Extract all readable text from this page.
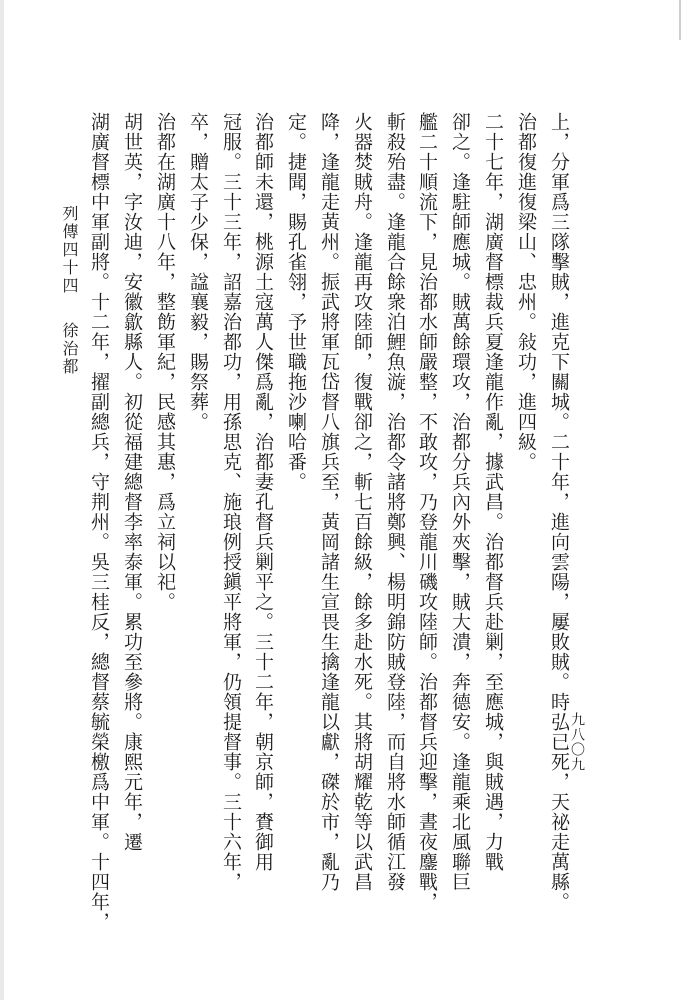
上，分軍爲三隊擊賊，進克下關城。二十年，進向雲陽，屢敗賊。時弘已死，天祕走萬縣。
治都復進復梁山、忠州。敍功，進四級。
二十七年，湖廣督標裁兵夏逢龍作亂，據武昌。治都督兵赴剿，至應城，與賊遇，力戰
卻之。逢駐師應城。賊萬餘環攻，治都分兵內外夾擊，賊大潰，奔德安。逢龍乘北風聯巨
艦二十順流下，見治都水師嚴整，不敢攻，乃登龍川磯攻陸師。治都督兵迎擊，晝夜鏖戰，
斬殺殆盡。逢龍合餘衆泊鯉魚漩，治都令諸將鄭興、楊明錦防賊登陸，而自將水師循江發
火器焚賊舟。逢龍再攻陸師，復戰卻之，斬七百餘級，餘多赴水死。其將胡耀乾等以武昌
降，逢龍走黃州。振武將軍瓦岱督八旗兵至，黃岡諸生宣畏生擒逢龍以獻，磔於市，亂乃
定。捷聞，賜孔雀翎，予世職拖沙喇哈番。
治都師未還，桃源土寇萬人傑爲亂，治都妻孔督兵剿平之。三十二年，朝京師，賚御用
冠服。三十三年，詔嘉治都功，用孫思克、施琅例授鎭平將軍，仍領提督事。三十六年，
卒，贈太子少保，諡襄毅，賜祭葬。
治都在湖廣十八年，整飭軍紀，民感其惠，爲立祠以祀。
胡世英，字汝迪，安徽歙縣人。初從福建總督李率泰軍。累功至參將。康熙元年，遷
湖廣督標中軍副將。十二年，擢副總兵，守荆州。吳三桂反，總督蔡毓榮檄爲中軍。十四年，
列傳四十四
徐治都
九八〇九
